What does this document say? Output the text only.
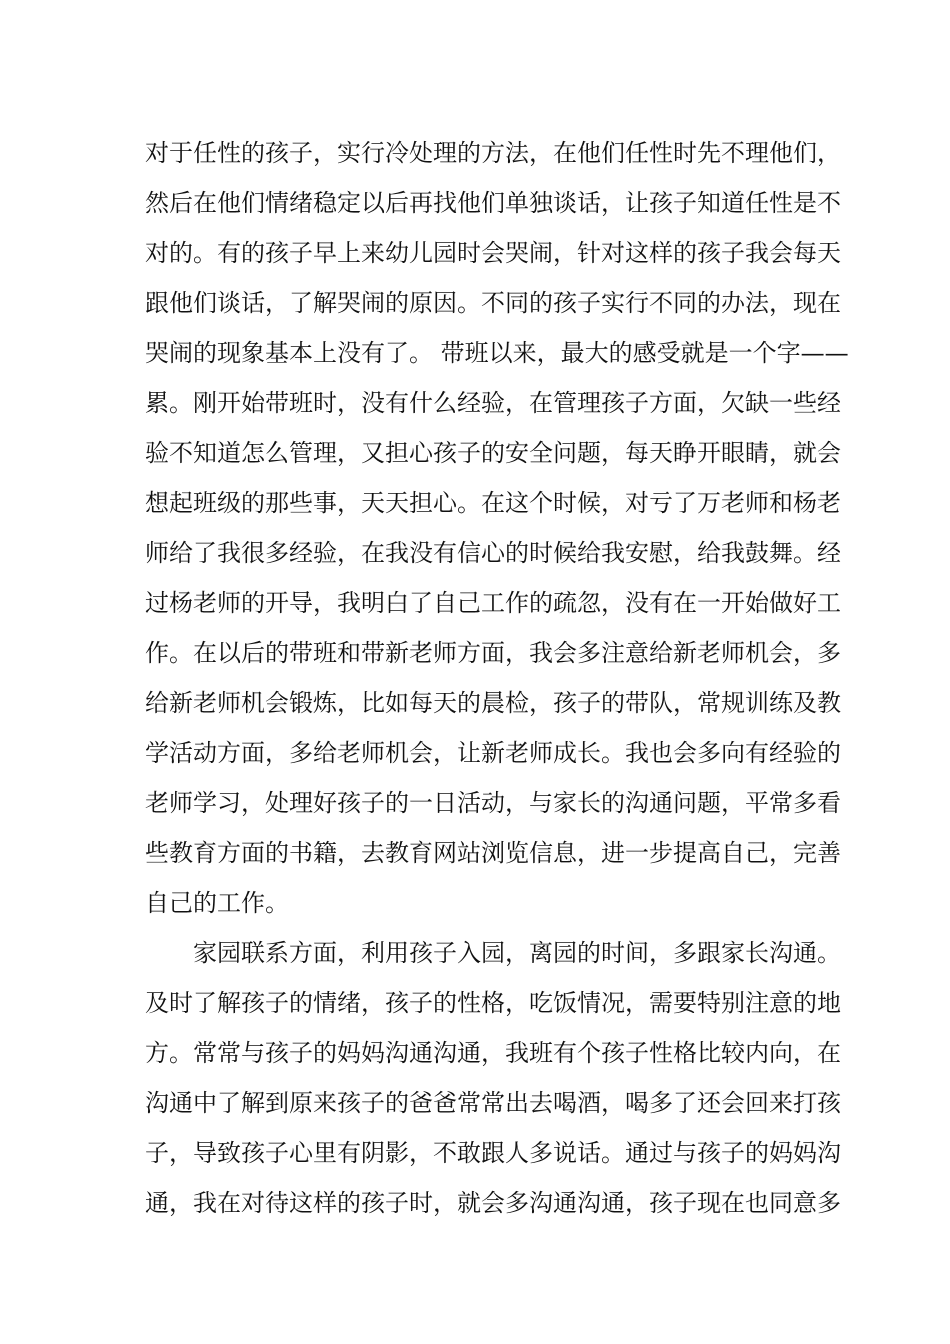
对于任性的孩子，实行冷处理的方法，在他们任性时先不理他们，
然后在他们情绪稳定以后再找他们单独谈话，让孩子知道任性是不
对的。有的孩子早上来幼儿园时会哭闹，针对这样的孩子我会每天
跟他们谈话，了解哭闹的原因。不同的孩子实行不同的办法，现在
哭闹的现象基本上没有了。 带班以来，最大的感受就是一个字——
累。刚开始带班时，没有什么经验，在管理孩子方面，欠缺一些经
验不知道怎么管理，又担心孩子的安全问题，每天睁开眼睛，就会
想起班级的那些事，天天担心。在这个时候，对亏了万老师和杨老
师给了我很多经验，在我没有信心的时候给我安慰，给我鼓舞。经
过杨老师的开导，我明白了自己工作的疏忽，没有在一开始做好工
作。在以后的带班和带新老师方面，我会多注意给新老师机会，多
给新老师机会锻炼，比如每天的晨检，孩子的带队，常规训练及教
学活动方面，多给老师机会，让新老师成长。我也会多向有经验的
老师学习，处理好孩子的一日活动，与家长的沟通问题，平常多看
些教育方面的书籍，去教育网站浏览信息，进一步提高自己，完善
自己的工作。
　　家园联系方面，利用孩子入园，离园的时间，多跟家长沟通。
及时了解孩子的情绪，孩子的性格，吃饭情况，需要特别注意的地
方。常常与孩子的妈妈沟通沟通，我班有个孩子性格比较内向，在
沟通中了解到原来孩子的爸爸常常出去喝酒，喝多了还会回来打孩
子，导致孩子心里有阴影，不敢跟人多说话。通过与孩子的妈妈沟
通，我在对待这样的孩子时，就会多沟通沟通，孩子现在也同意多
